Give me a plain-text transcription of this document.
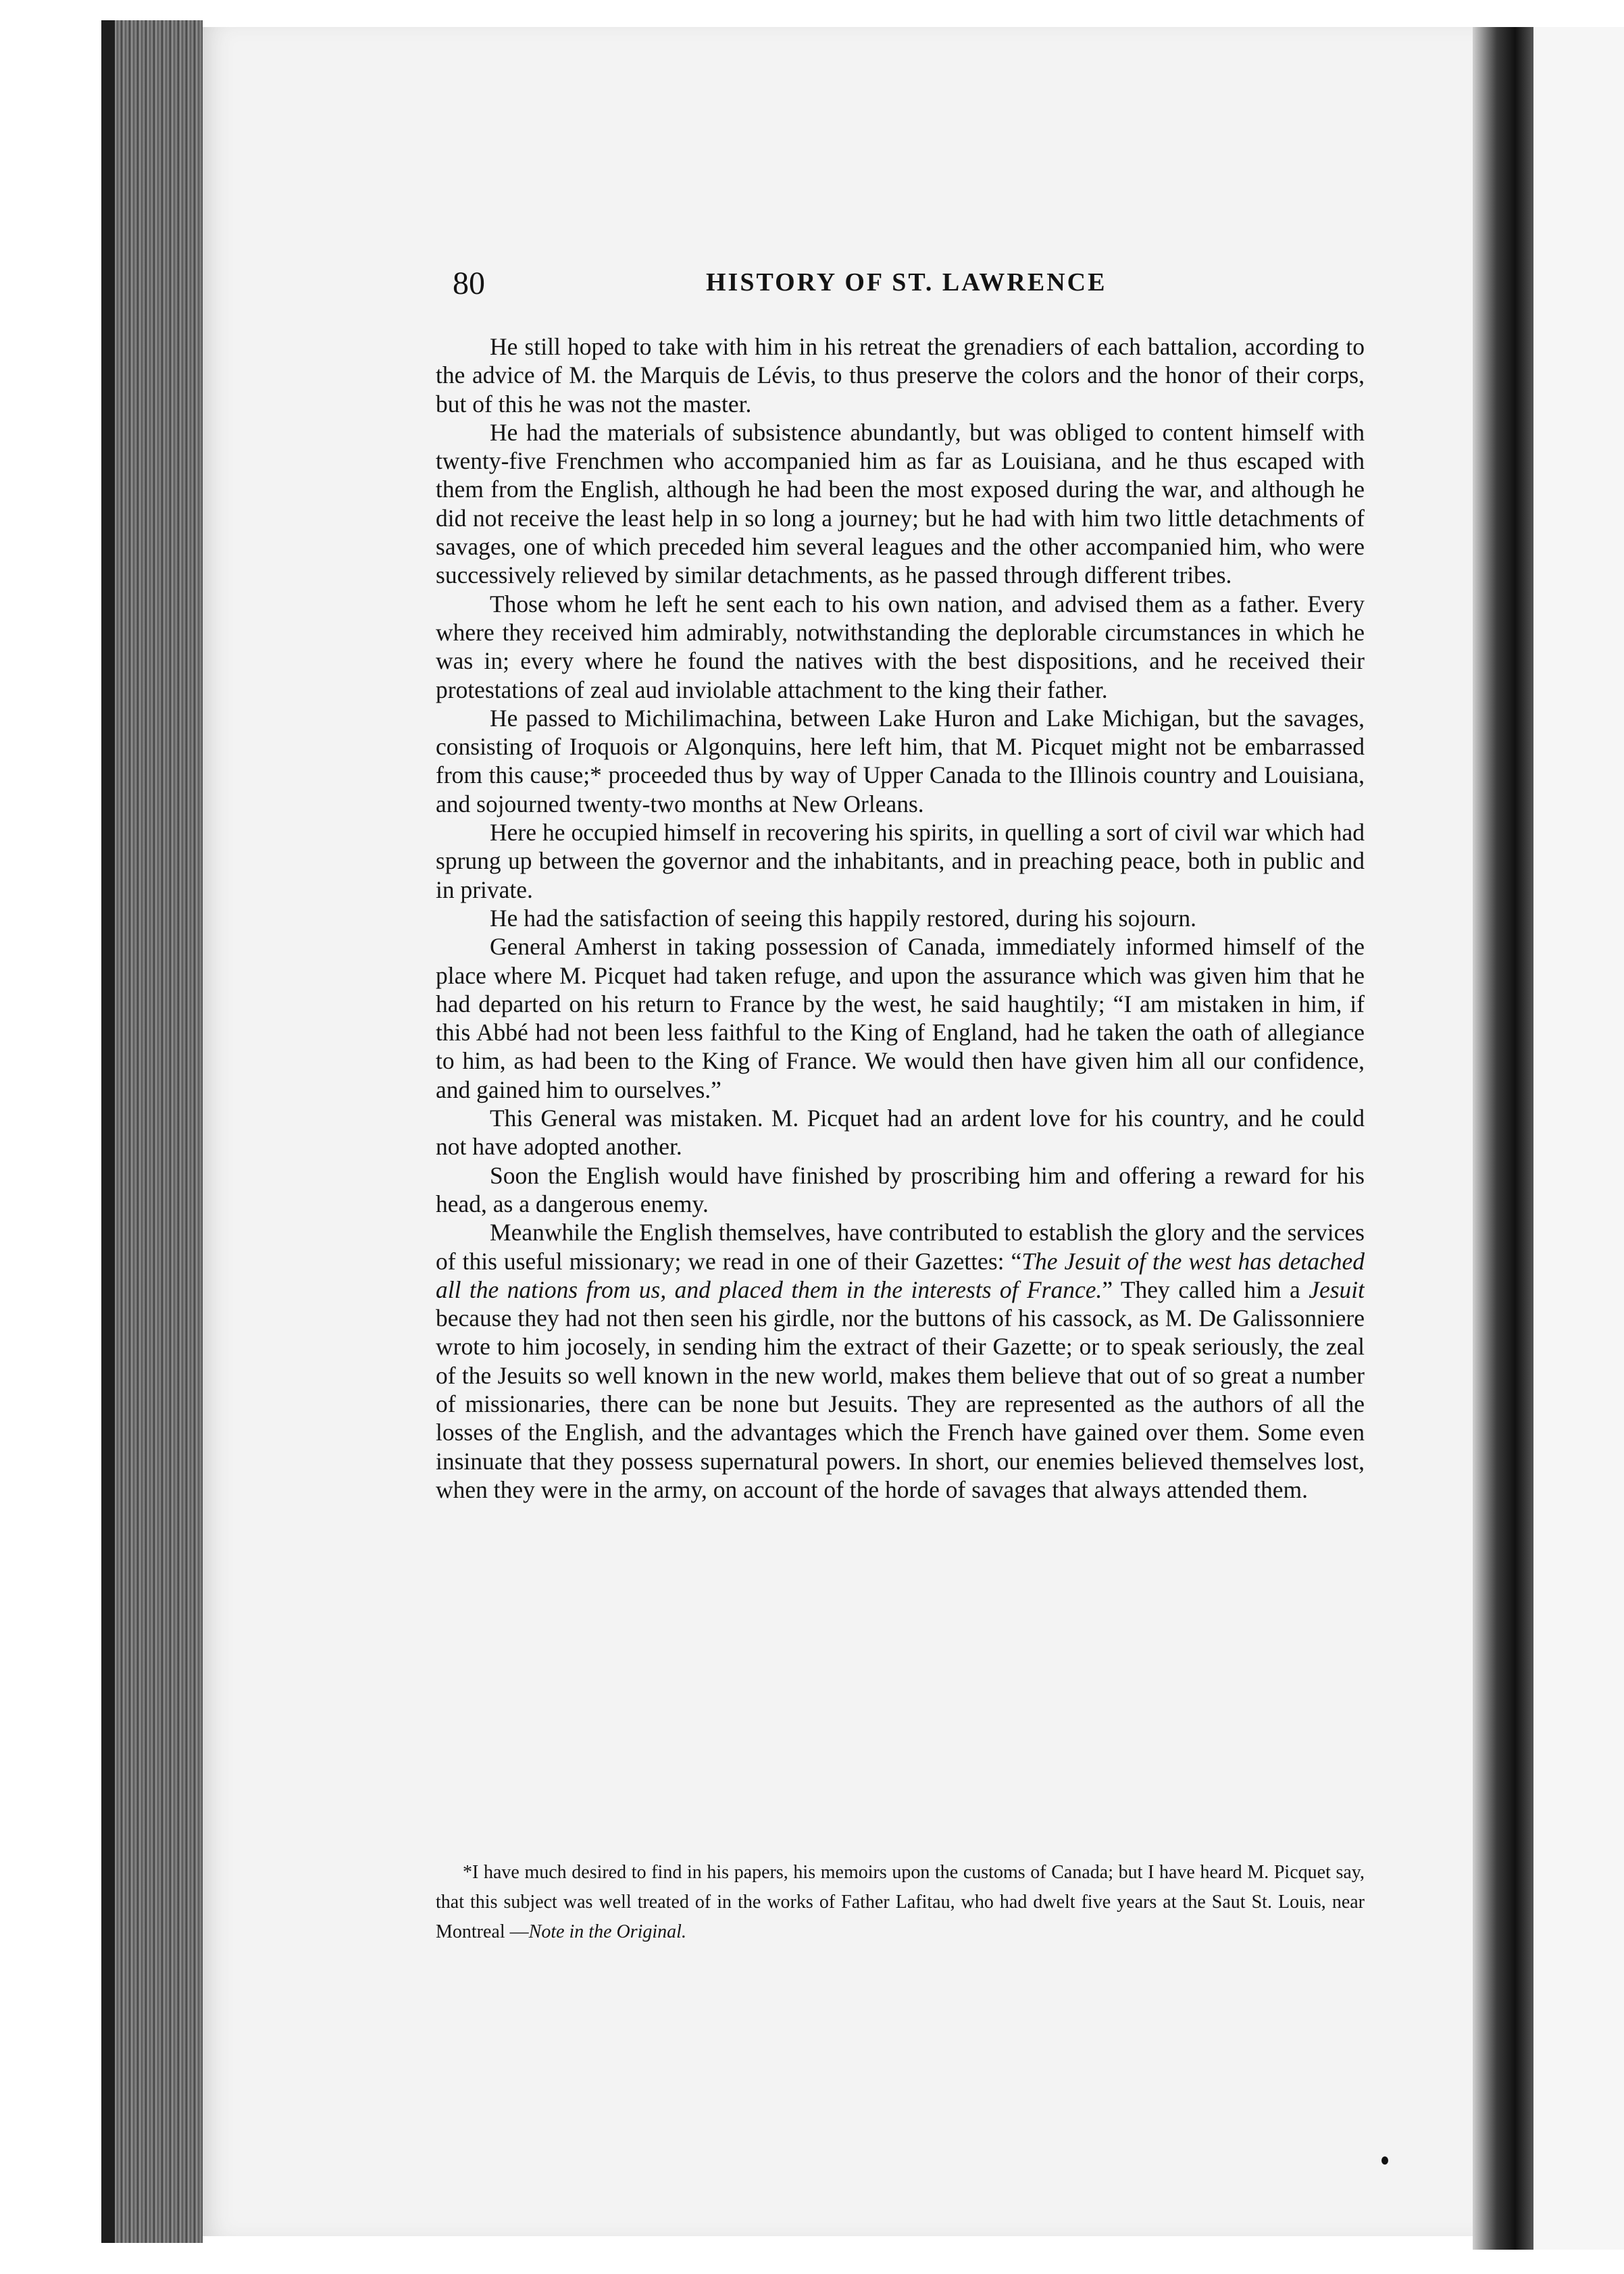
80	HISTORY OF ST. LAWRENCE

He still hoped to take with him in his retreat the grenadiers of each battalion, according to the advice of M. the Marquis de Lévis, to thus preserve the colors and the honor of their corps, but of this he was not the master.

He had the materials of subsistence abundantly, but was obliged to content himself with twenty-five Frenchmen who accompanied him as far as Louisiana, and he thus escaped with them from the English, although he had been the most exposed during the war, and although he did not receive the least help in so long a journey; but he had with him two little detachments of savages, one of which preceded him several leagues and the other accompanied him, who were successively relieved by similar detachments, as he passed through different tribes.

Those whom he left he sent each to his own nation, and advised them as a father. Every where they received him admirably, notwithstanding the deplorable circumstances in which he was in; every where he found the natives with the best dispositions, and he received their protestations of zeal aud inviolable attachment to the king their father.

He passed to Michilimachina, between Lake Huron and Lake Michigan, but the savages, consisting of Iroquois or Algonquins, here left him, that M. Picquet might not be embarrassed from this cause;* proceeded thus by way of Upper Canada to the Illinois country and Louisiana, and sojourned twenty-two months at New Orleans.

Here he occupied himself in recovering his spirits, in quelling a sort of civil war which had sprung up between the governor and the inhabitants, and in preaching peace, both in public and in private.

He had the satisfaction of seeing this happily restored, during his sojourn.

General Amherst in taking possession of Canada, immediately informed himself of the place where M. Picquet had taken refuge, and upon the assurance which was given him that he had departed on his return to France by the west, he said haughtily; “I am mistaken in him, if this Abbé had not been less faithful to the King of England, had he taken the oath of allegiance to him, as had been to the King of France. We would then have given him all our confidence, and gained him to ourselves.”

This General was mistaken. M. Picquet had an ardent love for his country, and he could not have adopted another.

Soon the English would have finished by proscribing him and offering a reward for his head, as a dangerous enemy.

Meanwhile the English themselves, have contributed to establish the glory and the services of this useful missionary; we read in one of their Gazettes: “The Jesuit of the west has detached all the nations from us, and placed them in the interests of France.” They called him a Jesuit because they had not then seen his girdle, nor the buttons of his cassock, as M. De Galissonniere wrote to him jocosely, in sending him the extract of their Gazette; or to speak seriously, the zeal of the Jesuits so well known in the new world, makes them believe that out of so great a number of missionaries, there can be none but Jesuits. They are represented as the authors of all the losses of the English, and the advantages which the French have gained over them. Some even insinuate that they possess supernatural powers. In short, our enemies believed themselves lost, when they were in the army, on account of the horde of savages that always attended them.

*I have much desired to find in his papers, his memoirs upon the customs of Canada; but I have heard M. Picquet say, that this subject was well treated of in the works of Father Lafitau, who had dwelt five years at the Saut St. Louis, near Montreal —Note in the Original.
